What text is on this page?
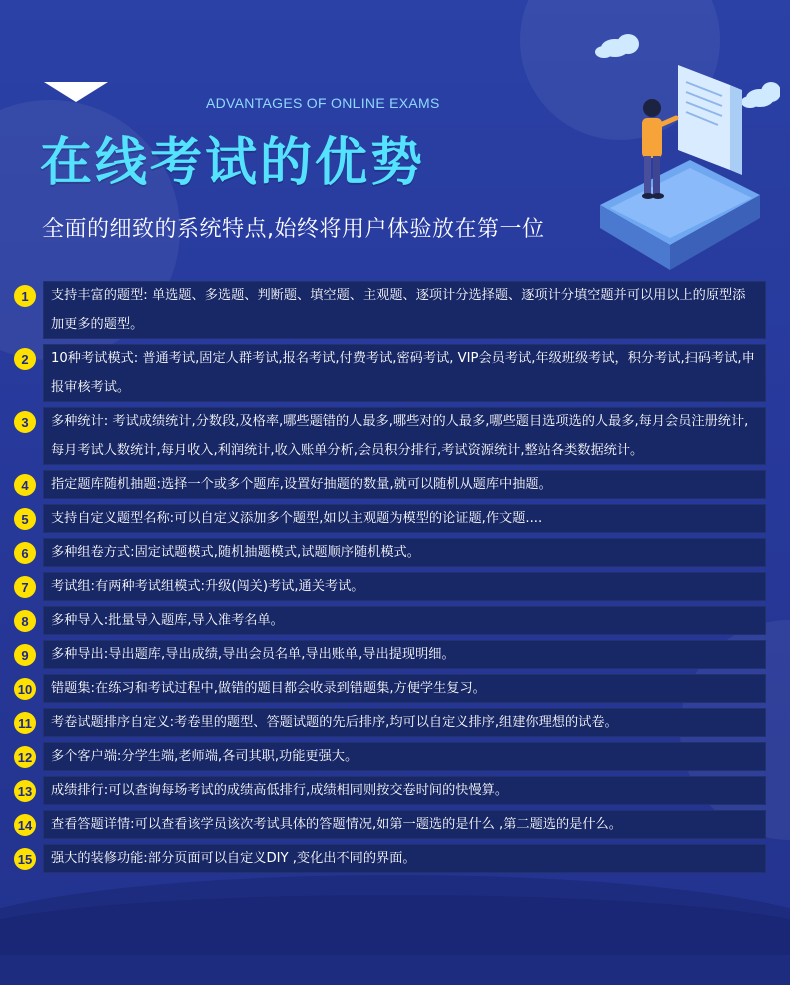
ADVANTAGES OF ONLINE EXAMS
在线考试的优势
全面的细致的系统特点,始终将用户体验放在第一位
1	支持丰富的题型: 单选题、多选题、判断题、填空题、主观题、逐项计分选择题、逐项计分填空题并可以用以上的原型添加更多的题型。
2	10种考试模式: 普通考试,固定人群考试,报名考试,付费考试,密码考试, VIP会员考试,年级班级考试，积分考试,扫码考试,申报审核考试。
3	多种统计: 考试成绩统计,分数段,及格率,哪些题错的人最多,哪些对的人最多,哪些题目选项选的人最多,每月会员注册统计,每月考试人数统计,每月收入,利润统计,收入账单分析,会员积分排行,考试资源统计,整站各类数据统计。
4	指定题库随机抽题:选择一个或多个题库,设置好抽题的数量,就可以随机从题库中抽题。
5	支持自定义题型名称:可以自定义添加多个题型,如以主观题为模型的论证题,作文题....
6	多种组卷方式:固定试题模式,随机抽题模式,试题顺序随机模式。
7	考试组:有两种考试组模式:升级(闯关)考试,通关考试。
8	多种导入:批量导入题库,导入准考名单。
9	多种导出:导出题库,导出成绩,导出会员名单,导出账单,导出提现明细。
10	错题集:在练习和考试过程中,做错的题目都会收录到错题集,方便学生复习。
11	考卷试题排序自定义:考卷里的题型、答题试题的先后排序,均可以自定义排序,组建你理想的试卷。
12	多个客户端:分学生端,老师端,各司其职,功能更强大。
13	成绩排行:可以查询每场考试的成绩高低排行,成绩相同则按交卷时间的快慢算。
14	查看答题详情:可以查看该学员该次考试具体的答题情况,如第一题选的是什么 ,第二题选的是什么。
15	强大的装修功能:部分页面可以自定义DIY ,变化出不同的界面。
